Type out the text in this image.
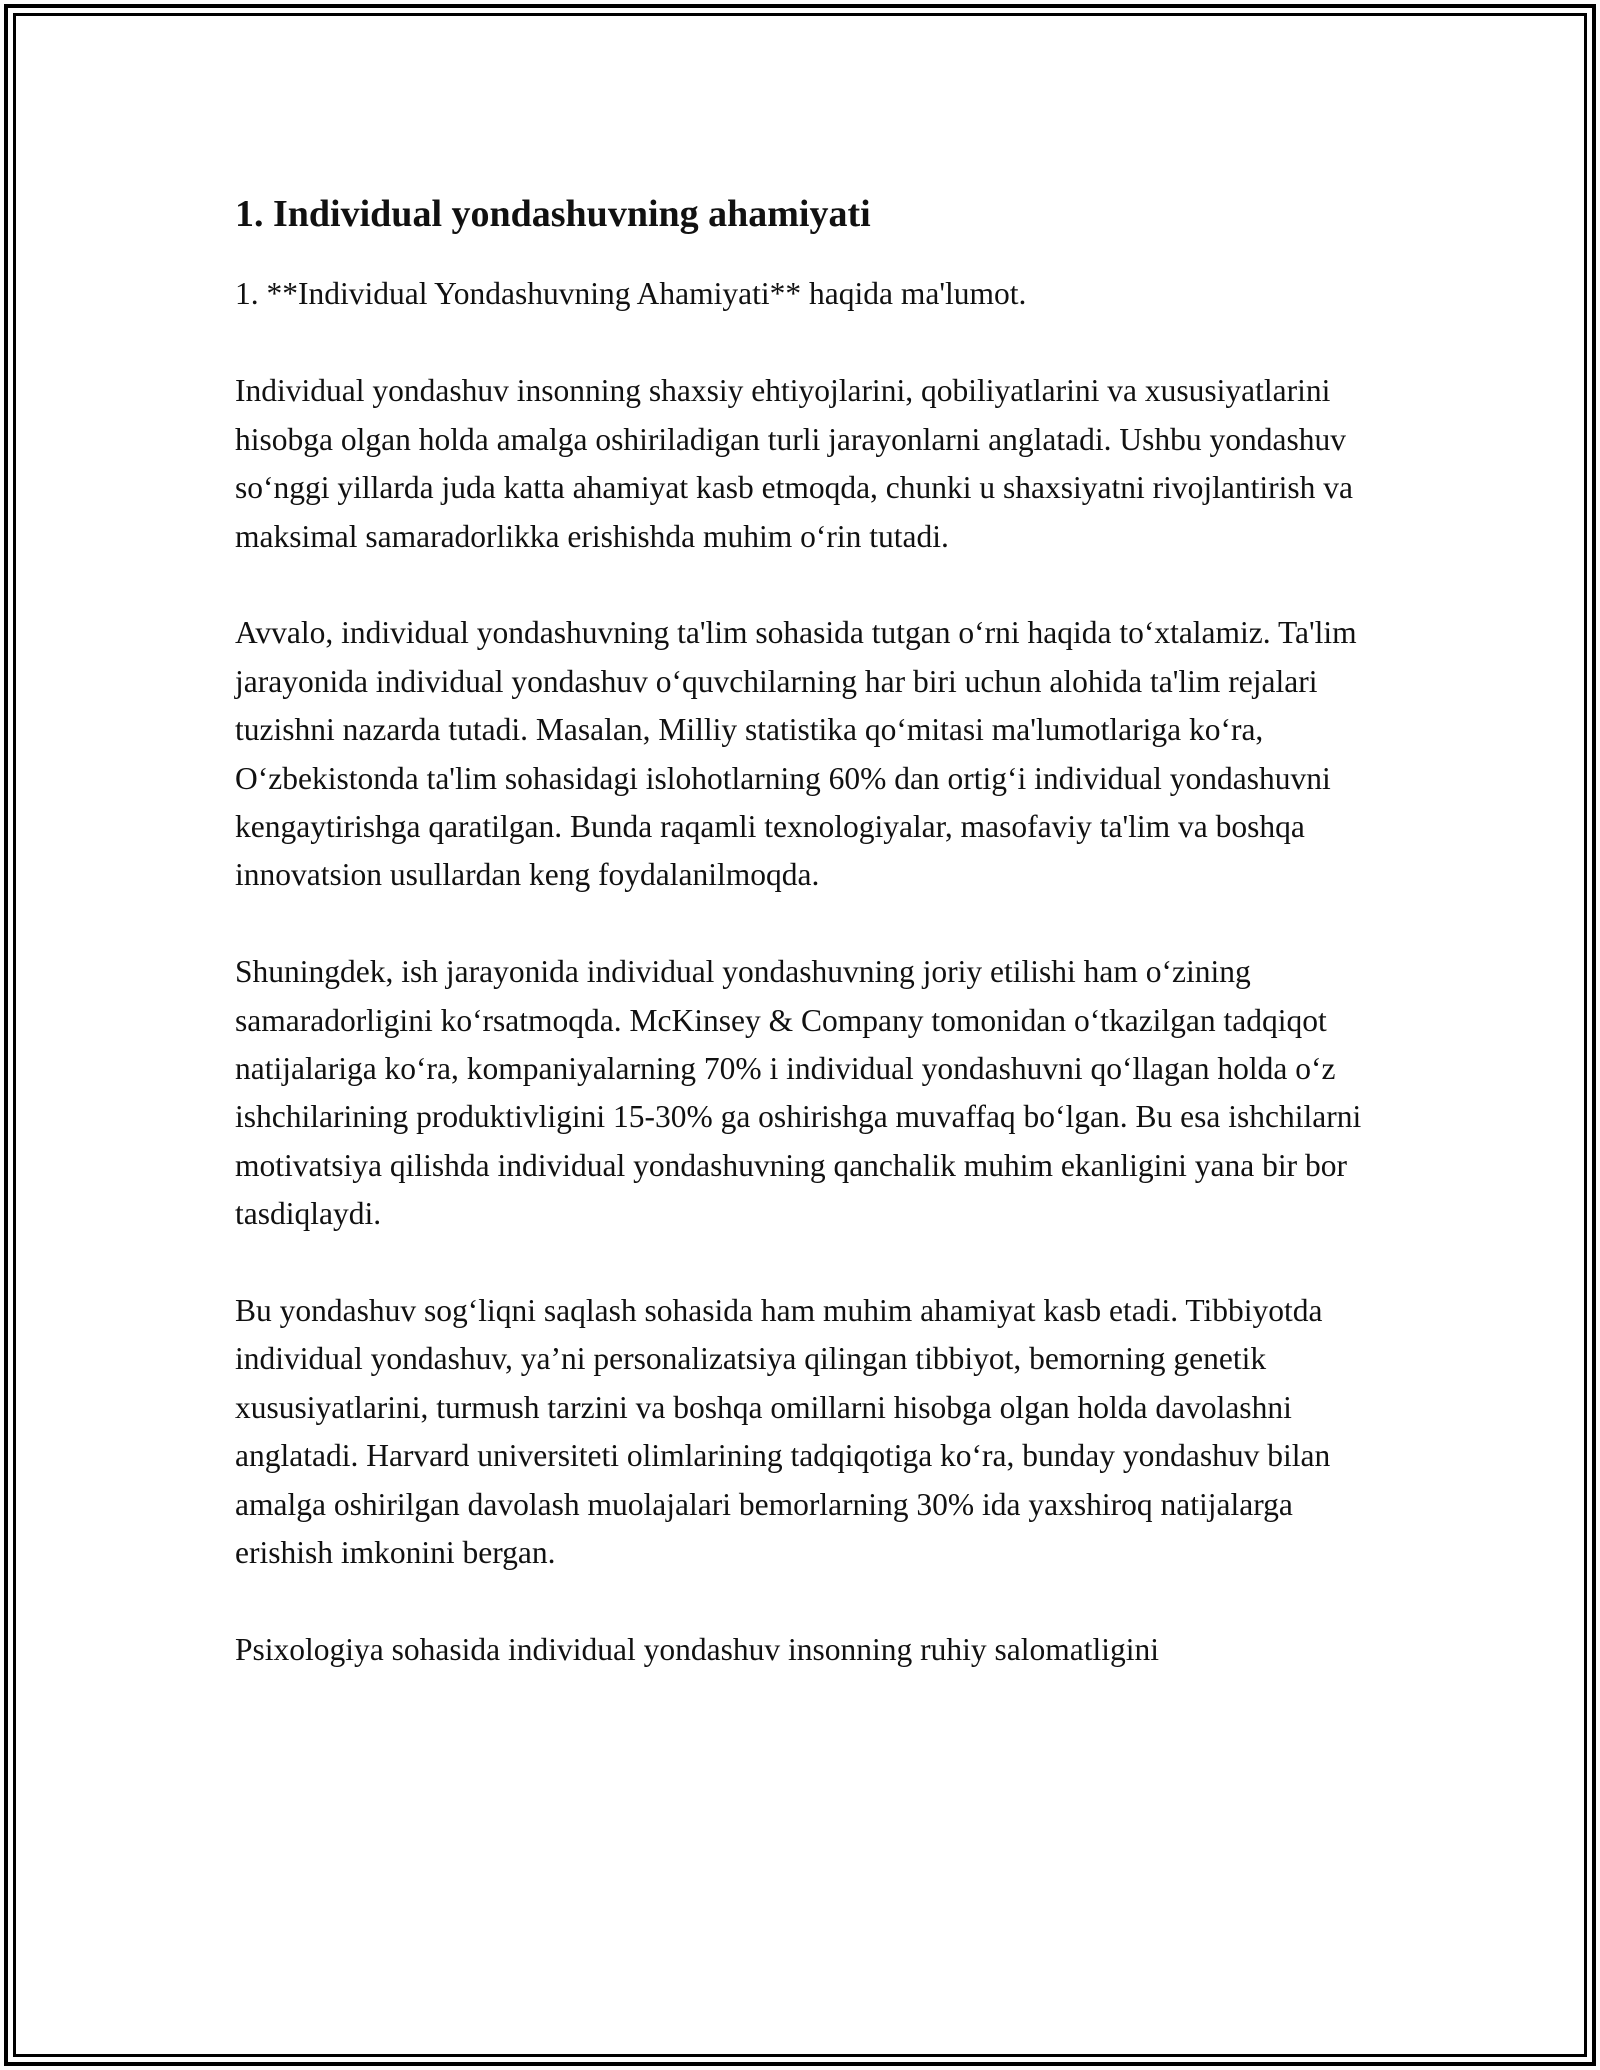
1. Individual yondashuvning ahamiyati

1. **Individual Yondashuvning Ahamiyati** haqida ma'lumot.

Individual yondashuv insonning shaxsiy ehtiyojlarini, qobiliyatlarini va xususiyatlarini hisobga olgan holda amalga oshiriladigan turli jarayonlarni anglatadi. Ushbu yondashuv so‘nggi yillarda juda katta ahamiyat kasb etmoqda, chunki u shaxsiyatni rivojlantirish va maksimal samaradorlikka erishishda muhim o‘rin tutadi.

Avvalo, individual yondashuvning ta'lim sohasida tutgan o‘rni haqida to‘xtalamiz. Ta'lim jarayonida individual yondashuv o‘quvchilarning har biri uchun alohida ta'lim rejalari tuzishni nazarda tutadi. Masalan, Milliy statistika qo‘mitasi ma'lumotlariga ko‘ra, O‘zbekistonda ta'lim sohasidagi islohotlarning 60% dan ortig‘i individual yondashuvni kengaytirishga qaratilgan. Bunda raqamli texnologiyalar, masofaviy ta'lim va boshqa innovatsion usullardan keng foydalanilmoqda.

Shuningdek, ish jarayonida individual yondashuvning joriy etilishi ham o‘zining samaradorligini ko‘rsatmoqda. McKinsey & Company tomonidan o‘tkazilgan tadqiqot natijalariga ko‘ra, kompaniyalarning 70% i individual yondashuvni qo‘llagan holda o‘z ishchilarining produktivligini 15-30% ga oshirishga muvaffaq bo‘lgan. Bu esa ishchilarni motivatsiya qilishda individual yondashuvning qanchalik muhim ekanligini yana bir bor tasdiqlaydi.

Bu yondashuv sog‘liqni saqlash sohasida ham muhim ahamiyat kasb etadi. Tibbiyotda individual yondashuv, ya’ni personalizatsiya qilingan tibbiyot, bemorning genetik xususiyatlarini, turmush tarzini va boshqa omillarni hisobga olgan holda davolashni anglatadi. Harvard universiteti olimlarining tadqiqotiga ko‘ra, bunday yondashuv bilan amalga oshirilgan davolash muolajalari bemorlarning 30% ida yaxshiroq natijalarga erishish imkonini bergan.

Psixologiya sohasida individual yondashuv insonning ruhiy salomatligini
